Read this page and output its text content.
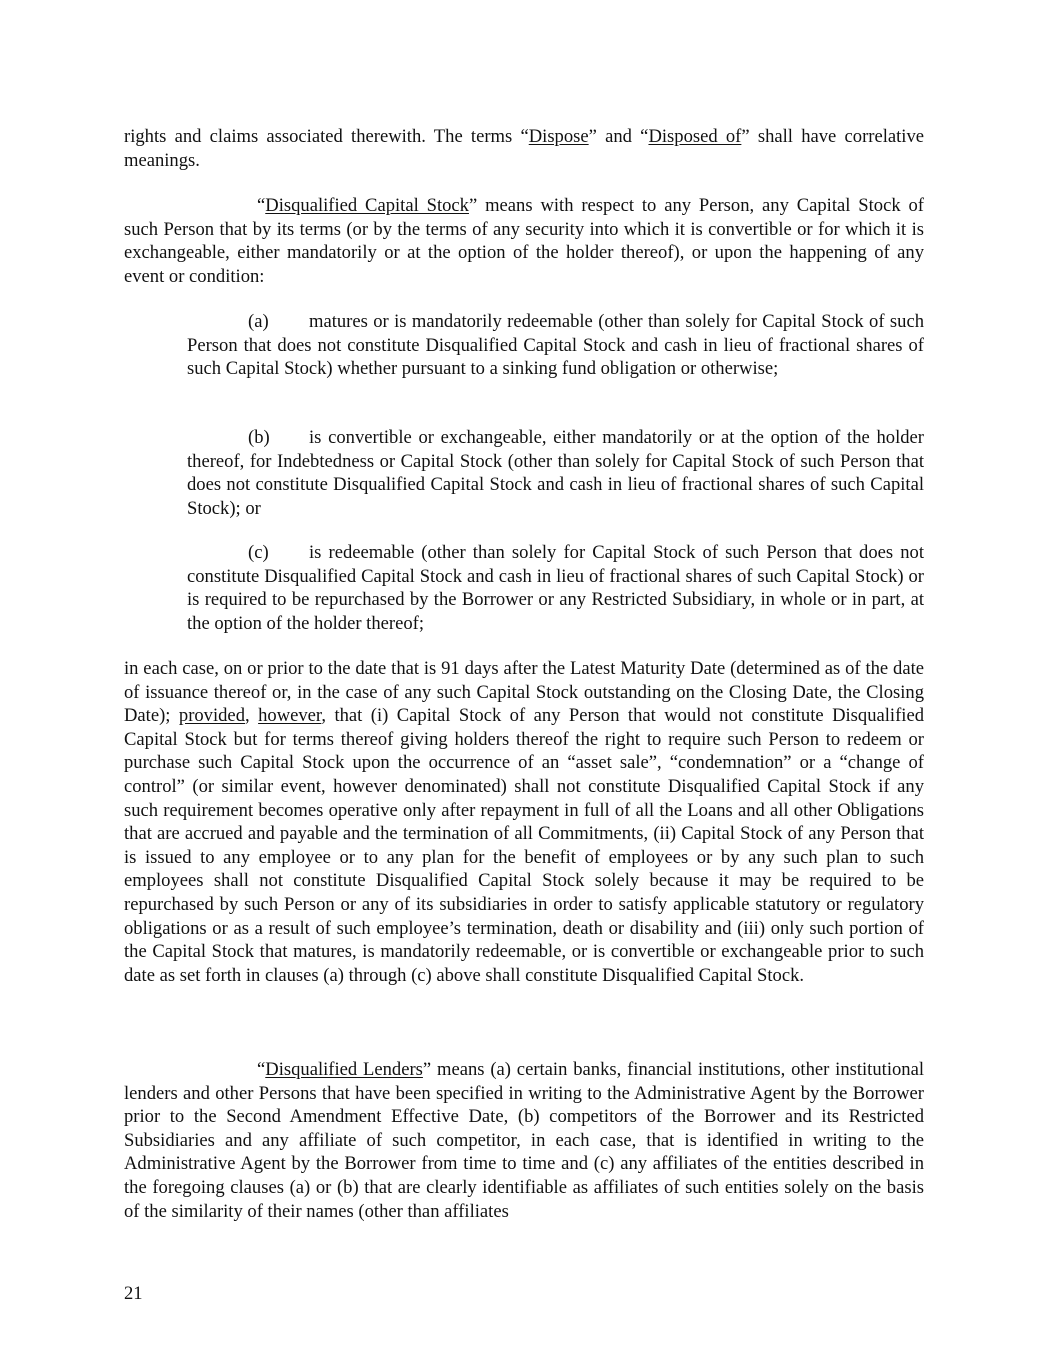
rights and claims associated therewith. The terms “Dispose” and “Disposed of” shall have correlative meanings.

“Disqualified Capital Stock” means with respect to any Person, any Capital Stock of such Person that by its terms (or by the terms of any security into which it is convertible or for which it is exchangeable, either mandatorily or at the option of the holder thereof), or upon the happening of any event or condition:

(a) matures or is mandatorily redeemable (other than solely for Capital Stock of such Person that does not constitute Disqualified Capital Stock and cash in lieu of fractional shares of such Capital Stock) whether pursuant to a sinking fund obligation or otherwise;

(b) is convertible or exchangeable, either mandatorily or at the option of the holder thereof, for Indebtedness or Capital Stock (other than solely for Capital Stock of such Person that does not constitute Disqualified Capital Stock and cash in lieu of fractional shares of such Capital Stock); or

(c) is redeemable (other than solely for Capital Stock of such Person that does not constitute Disqualified Capital Stock and cash in lieu of fractional shares of such Capital Stock) or is required to be repurchased by the Borrower or any Restricted Subsidiary, in whole or in part, at the option of the holder thereof;

in each case, on or prior to the date that is 91 days after the Latest Maturity Date (determined as of the date of issuance thereof or, in the case of any such Capital Stock outstanding on the Closing Date, the Closing Date); provided, however, that (i) Capital Stock of any Person that would not constitute Disqualified Capital Stock but for terms thereof giving holders thereof the right to require such Person to redeem or purchase such Capital Stock upon the occurrence of an “asset sale”, “condemnation” or a “change of control” (or similar event, however denominated) shall not constitute Disqualified Capital Stock if any such requirement becomes operative only after repayment in full of all the Loans and all other Obligations that are accrued and payable and the termination of all Commitments, (ii) Capital Stock of any Person that is issued to any employee or to any plan for the benefit of employees or by any such plan to such employees shall not constitute Disqualified Capital Stock solely because it may be required to be repurchased by such Person or any of its subsidiaries in order to satisfy applicable statutory or regulatory obligations or as a result of such employee’s termination, death or disability and (iii) only such portion of the Capital Stock that matures, is mandatorily redeemable, or is convertible or exchangeable prior to such date as set forth in clauses (a) through (c) above shall constitute Disqualified Capital Stock.

“Disqualified Lenders” means (a) certain banks, financial institutions, other institutional lenders and other Persons that have been specified in writing to the Administrative Agent by the Borrower prior to the Second Amendment Effective Date, (b) competitors of the Borrower and its Restricted Subsidiaries and any affiliate of such competitor, in each case, that is identified in writing to the Administrative Agent by the Borrower from time to time and (c) any affiliates of the entities described in the foregoing clauses (a) or (b) that are clearly identifiable as affiliates of such entities solely on the basis of the similarity of their names (other than affiliates

21
